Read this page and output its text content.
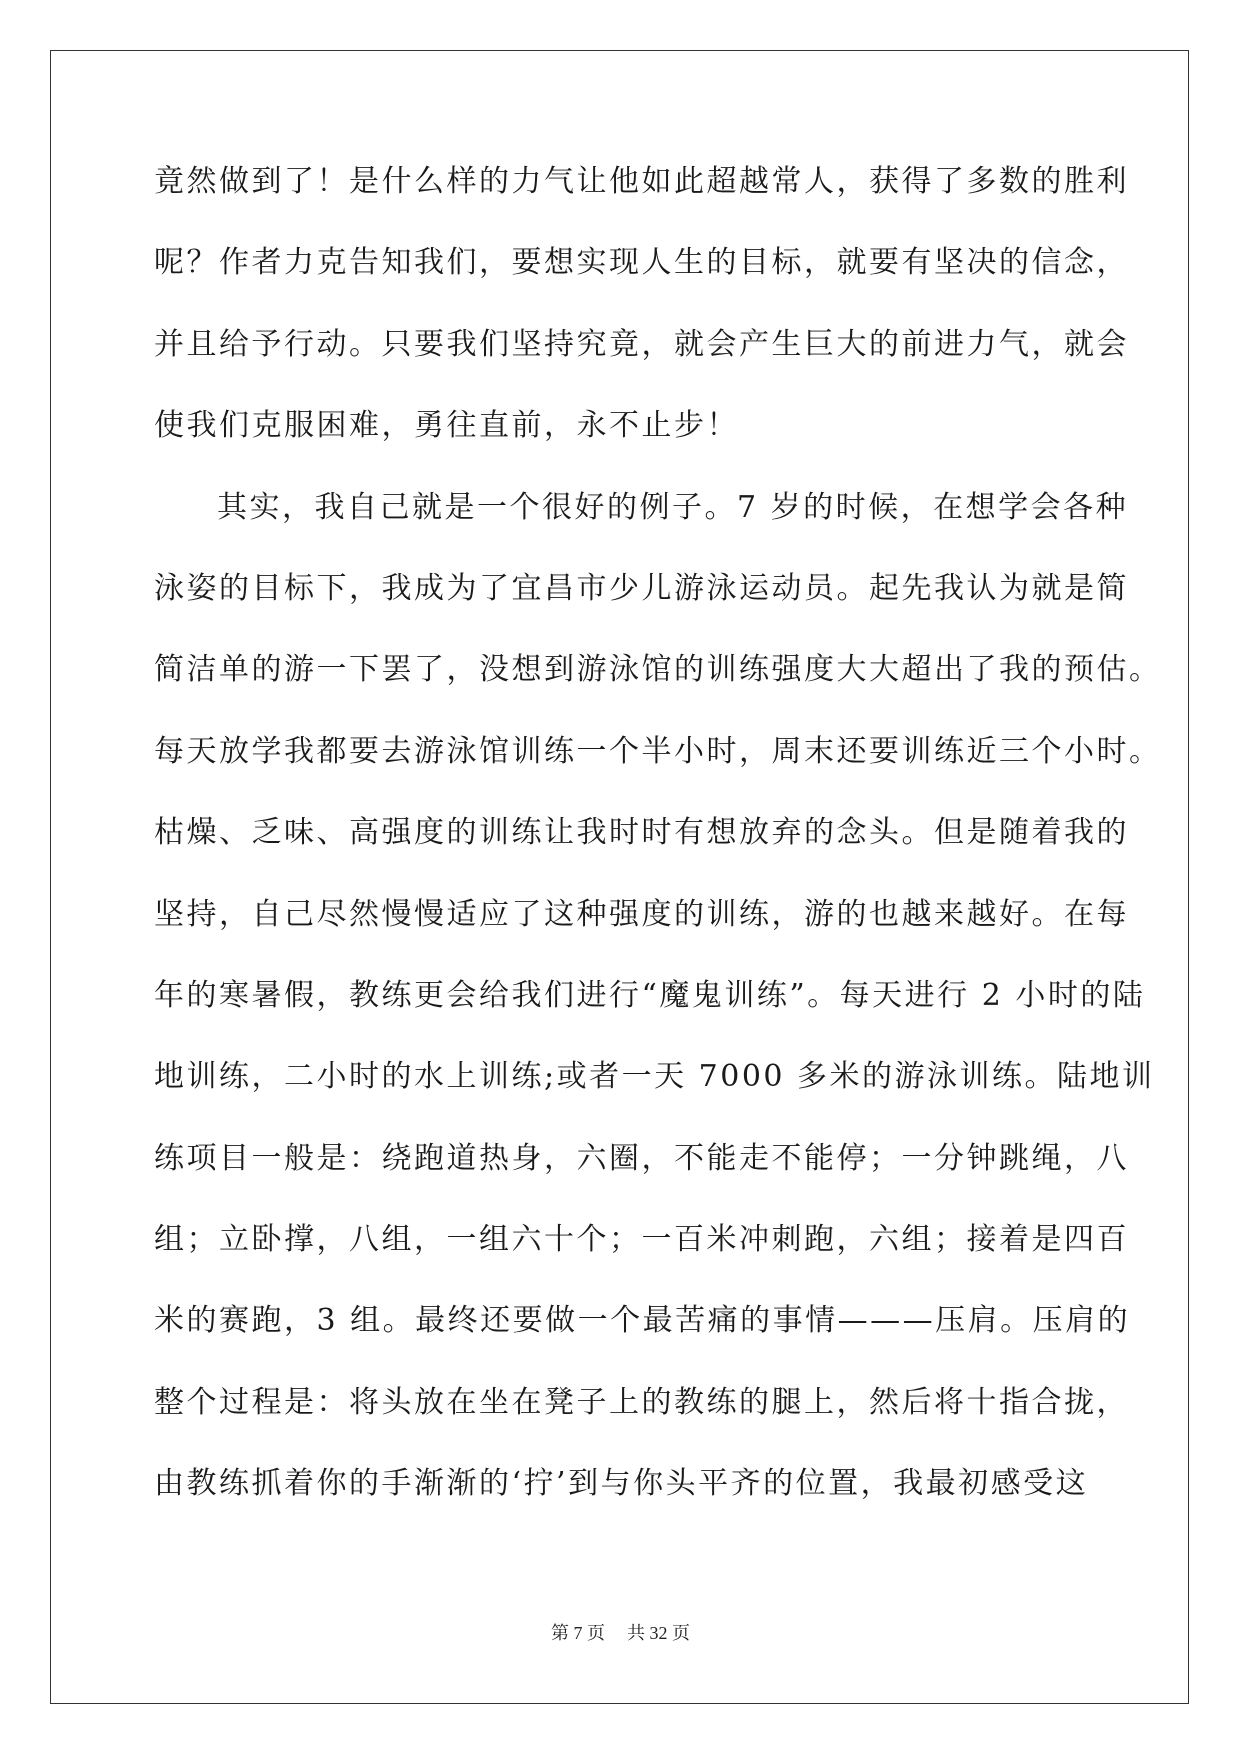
竟然做到了！是什么样的力气让他如此超越常人，获得了多数的胜利
呢？作者力克告知我们，要想实现人生的目标，就要有坚决的信念，
并且给予行动。只要我们坚持究竟，就会产生巨大的前进力气，就会
使我们克服困难，勇往直前，永不止步！
其实，我自己就是一个很好的例子。7 岁的时候，在想学会各种
泳姿的目标下，我成为了宜昌市少儿游泳运动员。起先我认为就是简
简洁单的游一下罢了，没想到游泳馆的训练强度大大超出了我的预估。
每天放学我都要去游泳馆训练一个半小时，周末还要训练近三个小时。
枯燥、乏味、高强度的训练让我时时有想放弃的念头。但是随着我的
坚持，自己尽然慢慢适应了这种强度的训练，游的也越来越好。在每
年的寒暑假，教练更会给我们进行“魔鬼训练”。每天进行 2 小时的陆
地训练，二小时的水上训练;或者一天 7000 多米的游泳训练。陆地训
练项目一般是：绕跑道热身，六圈，不能走不能停；一分钟跳绳，八
组；立卧撑，八组，一组六十个；一百米冲刺跑，六组；接着是四百
米的赛跑，3 组。最终还要做一个最苦痛的事情———压肩。压肩的
整个过程是：将头放在坐在凳子上的教练的腿上，然后将十指合拢，
由教练抓着你的手渐渐的‘拧’到与你头平齐的位置，我最初感受这
第 7 页 共 32 页
